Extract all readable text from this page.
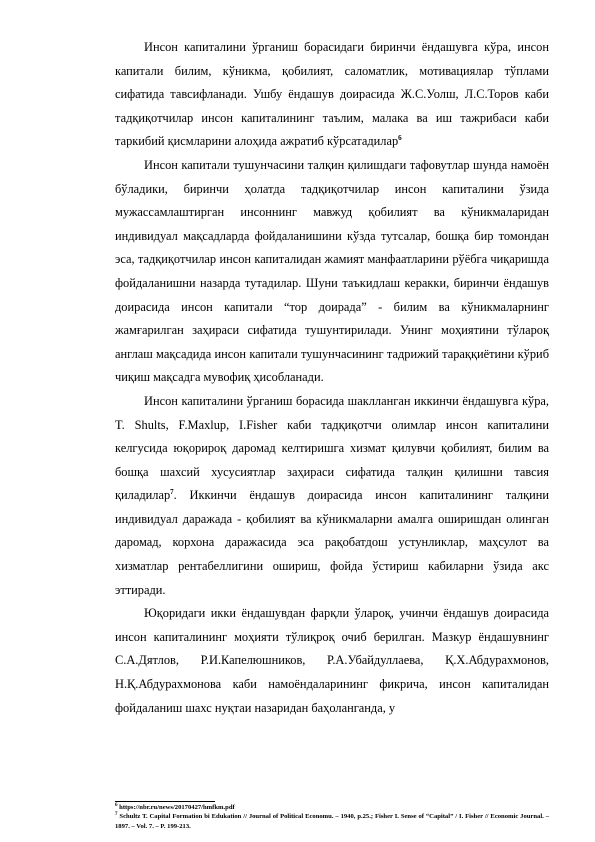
Инсон капиталини ўрганиш борасидаги биринчи ёндашувга кўра, инсон капитали билим, кўникма, қобилият, саломатлик, мотивациялар тўплами сифатида тавсифланади. Ушбу ёндашув доирасида Ж.С.Уолш, Л.С.Торов каби тадқиқотчилар инсон капиталининг таълим, малака ва иш тажрибаси каби таркибий қисмларини алоҳида ажратиб кўрсатадилар$^6$

Инсон капитали тушунчасини талқин қилишдаги тафовутлар шунда намоён бўладики, биринчи ҳолатда тадқиқотчилар инсон капиталини ўзида мужассамлаштирган инсоннинг мавжуд қобилият ва кўникмаларидан индивидуал мақсадларда фойдаланишини кўзда тутсалар, бошқа бир томондан эса, тадқиқотчилар инсон капиталидан жамият манфаатларини рўёбга чиқаришда фойдаланишни назарда тутадилар. Шуни таъкидлаш керакки, биринчи ёндашув доирасида инсон капитали “тор доирада” - билим ва кўникмаларнинг жамғарилган заҳираси сифатида тушунтирилади. Унинг моҳиятини тўлароқ англаш мақсадида инсон капитали тушунчасининг тадрижий тараққиётини кўриб чиқиш мақсадга мувофиқ ҳисобланади.

Инсон капиталини ўрганиш борасида шаклланган иккинчи ёндашувга кўра, T. Shults, F.Maxlup, I.Fisher каби тадқиқотчи олимлар инсон капиталини келгусида юқорироқ даромад келтиришга хизмат қилувчи қобилият, билим ва бошқа шахсий хусусиятлар заҳираси сифатида талқин қилишни тавсия қиладилар$^7$. Иккинчи ёндашув доирасида инсон капиталининг талқини индивидуал даражада - қобилият ва кўникмаларни амалга оширишдан олинган даромад, корхона даражасида эса рақобатдош устунликлар, маҳсулот ва хизматлар рентабеллигини ошириш, фойда ўстириш кабиларни ўзида акс эттиради.

Юқоридаги икки ёндашувдан фарқли ўлароқ, учинчи ёндашув доирасида инсон капиталининг моҳияти тўлиқроқ очиб берилган. Мазкур ёндашувнинг С.А.Дятлов, Р.И.Капелюшников, Р.А.Убайдуллаева, Қ.Х.Абдурахмонов, Н.Қ.Абдурахмонова каби намоёндаларининг фикрича, инсон капиталидан фойдаланиш шахс нуқтаи назаридан баҳоланганда, у

$^6$ https://nbr.ru/news/20170427/hmfkm.pdf
$^7$ Schultz T. Capital Formation bi Edukation // Journal of Political Economu. – 1940, p.25.; Fisher I. Sense of “Capital” / I. Fisher // Economic Journal. – 1897. – Vol. 7. – P. 199-213.
